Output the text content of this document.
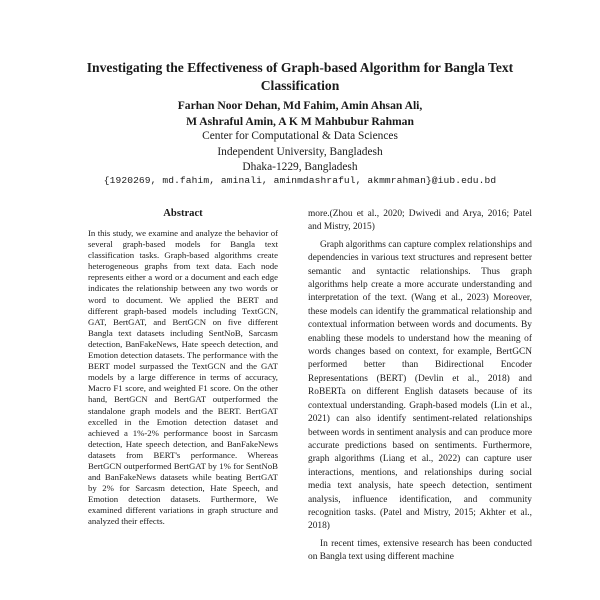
Investigating the Effectiveness of Graph-based Algorithm for Bangla Text
Classification
Farhan Noor Dehan, Md Fahim, Amin Ahsan Ali,
M Ashraful Amin, A K M Mahbubur Rahman
Center for Computational & Data Sciences
Independent University, Bangladesh
Dhaka-1229, Bangladesh
{1920269, md.fahim, aminali, aminmdashraful, akmmrahman}@iub.edu.bd
Abstract
In this study, we examine and analyze the behavior of several graph-based models for Bangla text classification tasks. Graph-based algorithms create heterogeneous graphs from text data. Each node represents either a word or a document and each edge indicates the relationship between any two words or word to document. We applied the BERT and different graph-based models including TextGCN, GAT, BertGAT, and BertGCN on five different Bangla text datasets including SentNoB, Sarcasm detection, BanFakeNews, Hate speech detection, and Emotion detection datasets. The performance with the BERT model surpassed the TextGCN and the GAT models by a large difference in terms of accuracy, Macro F1 score, and weighted F1 score. On the other hand, BertGCN and BertGAT outperformed the standalone graph models and the BERT. BertGAT excelled in the Emotion detection dataset and achieved a 1%-2% performance boost in Sarcasm detection, Hate speech detection, and BanFakeNews datasets from BERT's performance. Whereas BertGCN outperformed BertGAT by 1% for SentNoB and BanFakeNews datasets while beating BertGAT by 2% for Sarcasm detection, Hate Speech, and Emotion detection datasets. Furthermore, We examined different variations in graph structure and analyzed their effects.

more.(Zhou et al., 2020; Dwivedi and Arya, 2016; Patel and Mistry, 2015)

Graph algorithms can capture complex relationships and dependencies in various text structures and represent better semantic and syntactic relationships. Thus graph algorithms help create a more accurate understanding and interpretation of the text. (Wang et al., 2023) Moreover, these models can identify the grammatical relationship and contextual information between words and documents. By enabling these models to understand how the meaning of words changes based on context, for example, BertGCN performed better than Bidirectional Encoder Representations (BERT) (Devlin et al., 2018) and RoBERTa on different English datasets because of its contextual understanding. Graph-based models (Lin et al., 2021) can also identify sentiment-related relationships between words in sentiment analysis and can produce more accurate predictions based on sentiments. Furthermore, graph algorithms (Liang et al., 2022) can capture user interactions, mentions, and relationships during social media text analysis, hate speech detection, sentiment analysis, influence identification, and community recognition tasks. (Patel and Mistry, 2015; Akhter et al., 2018)

In recent times, extensive research has been conducted on Bangla text using different machine
